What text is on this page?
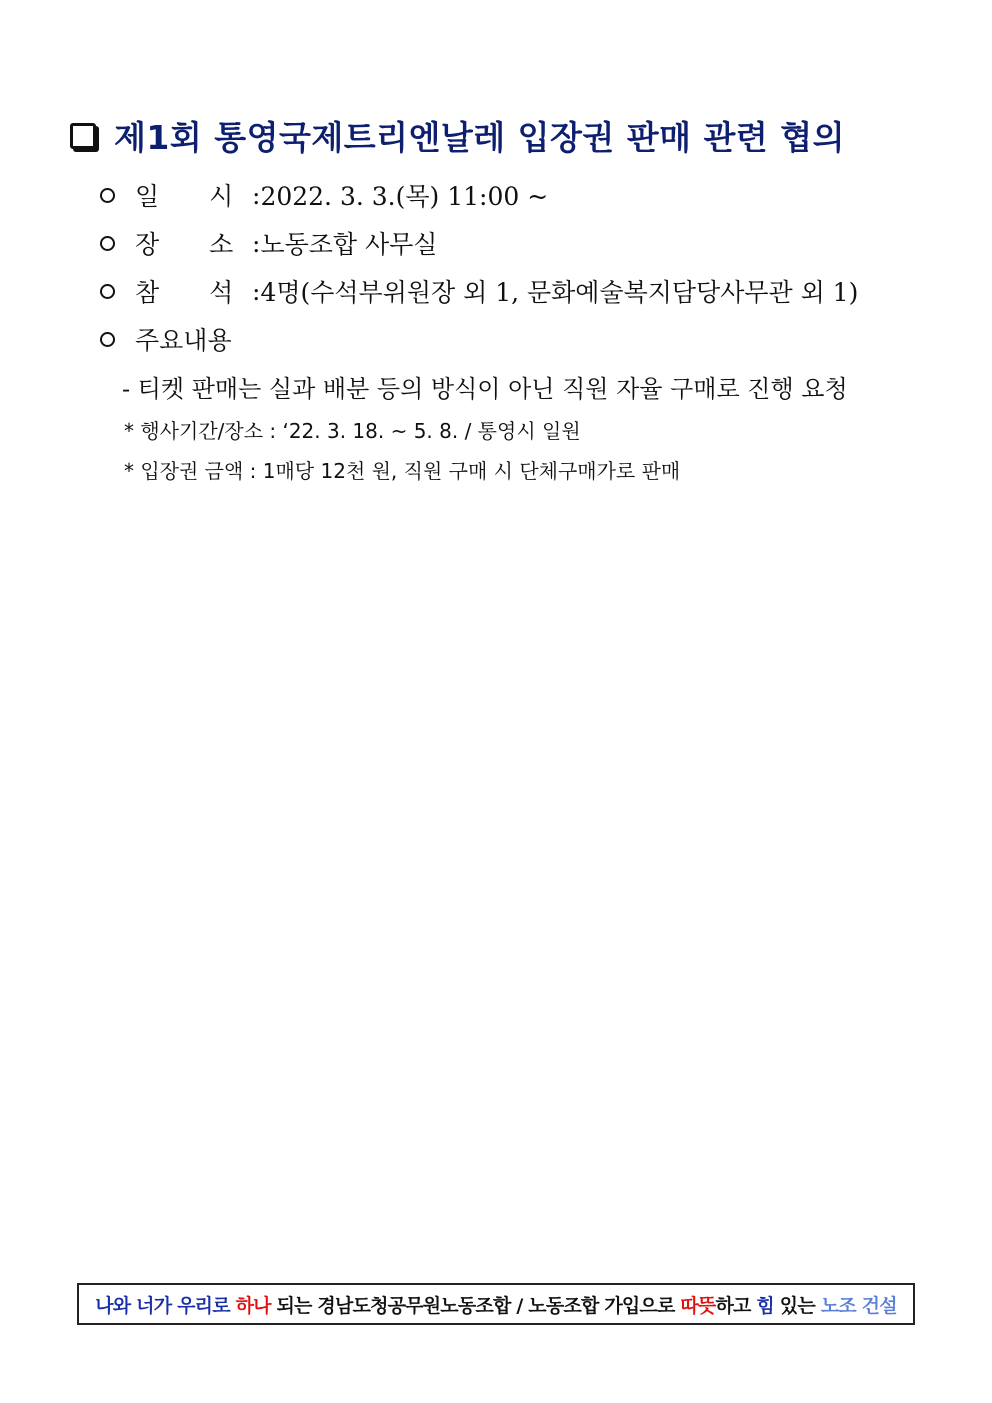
제1회 통영국제트리엔날레 입장권 판매 관련 협의
일　　시 : 2022. 3. 3.(목) 11:00 ~
장　　소 : 노동조합 사무실
참　　석 : 4명(수석부위원장 외 1, 문화예술복지담당사무관 외 1)
주요내용
- 티켓 판매는 실과 배분 등의 방식이 아닌 직원 자율 구매로 진행 요청
* 행사기간/장소 : ‘22. 3. 18. ~ 5. 8. / 통영시 일원
* 입장권 금액 : 1매당 12천 원, 직원 구매 시 단체구매가로 판매
나와 너가 우리로 하나 되는 경남도청공무원노동조합 / 노동조합 가입으로 따뜻 하고 힘 있는 노조 건설
